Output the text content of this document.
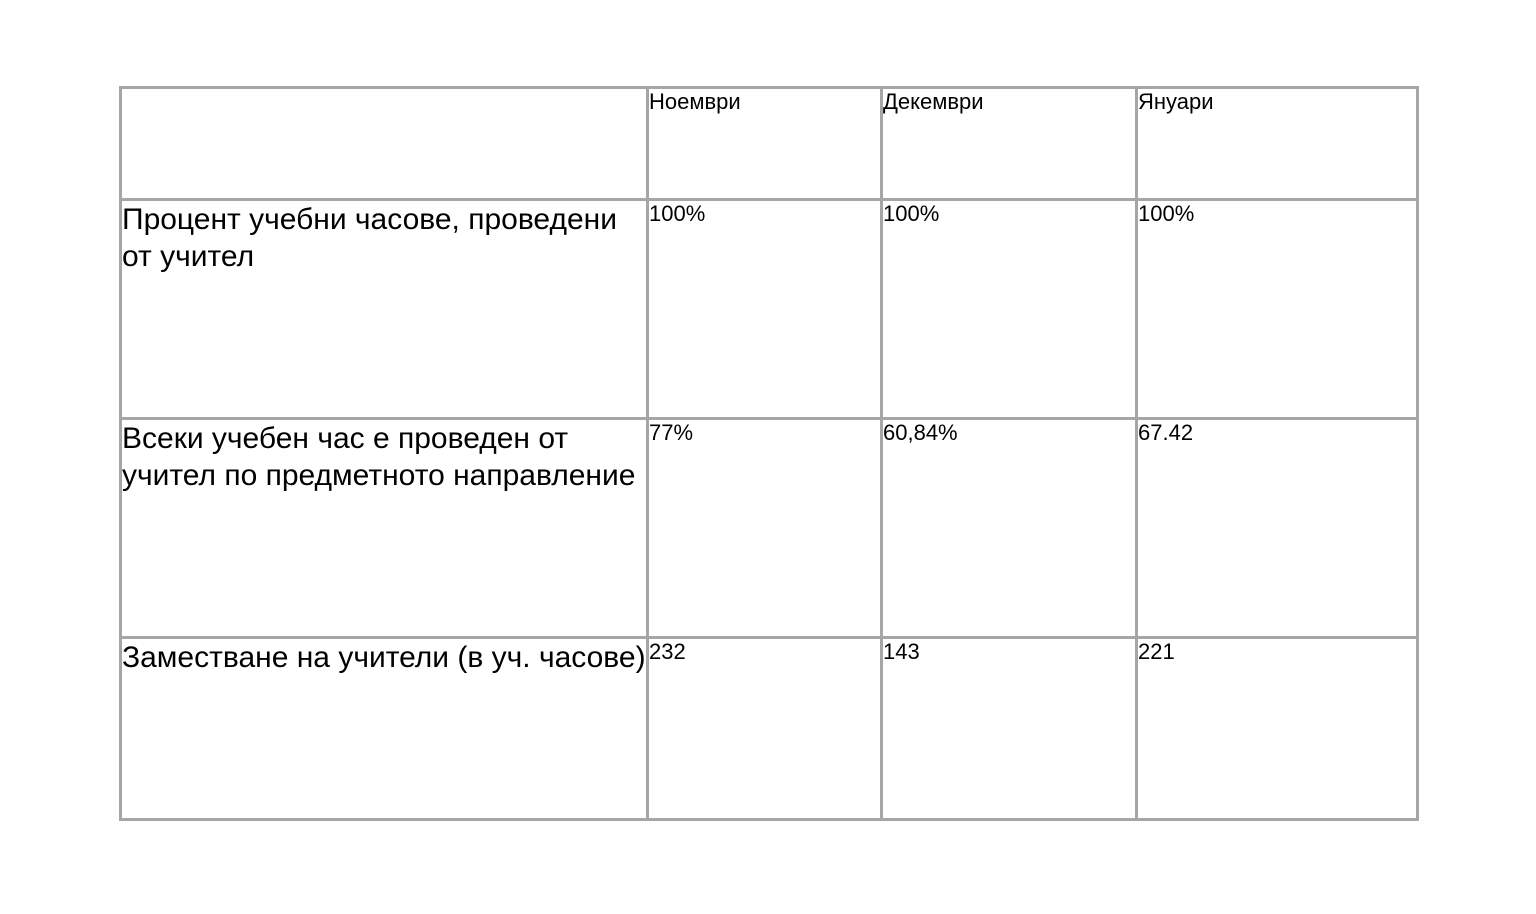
	Ноември	Декември	Януари
Процент учебни часове, проведени от учител	100%	100%	100%
Всеки учебен час е проведен от учител по предметното направление	77%	60,84%	67.42
Заместване на учители (в уч. часове)	232	143	221
